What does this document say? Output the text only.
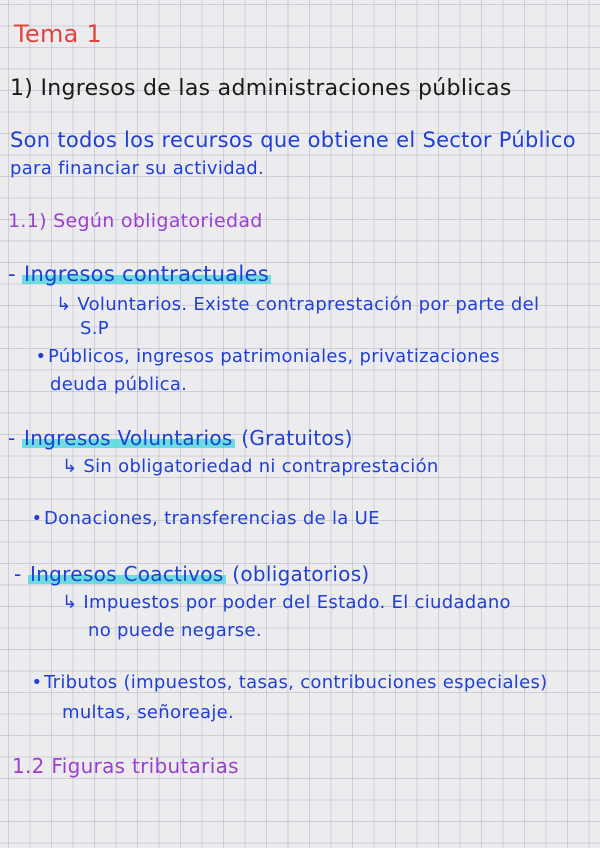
Tema 1
1) Ingresos de las administraciones públicas
Son todos los recursos que obtiene el Sector Público
para financiar su actividad.
1.1) Según obligatoriedad
- Ingresos contractuales
↳ Voluntarios. Existe contraprestación por parte del
S.P
•Públicos, ingresos patrimoniales, privatizaciones
deuda pública.
- Ingresos Voluntarios (Gratuitos)
↳ Sin obligatoriedad ni contraprestación
•Donaciones, transferencias de la UE
- Ingresos Coactivos (obligatorios)
↳ Impuestos por poder del Estado. El ciudadano
no puede negarse.
•Tributos (impuestos, tasas, contribuciones especiales)
multas, señoreaje.
1.2 Figuras tributarias
